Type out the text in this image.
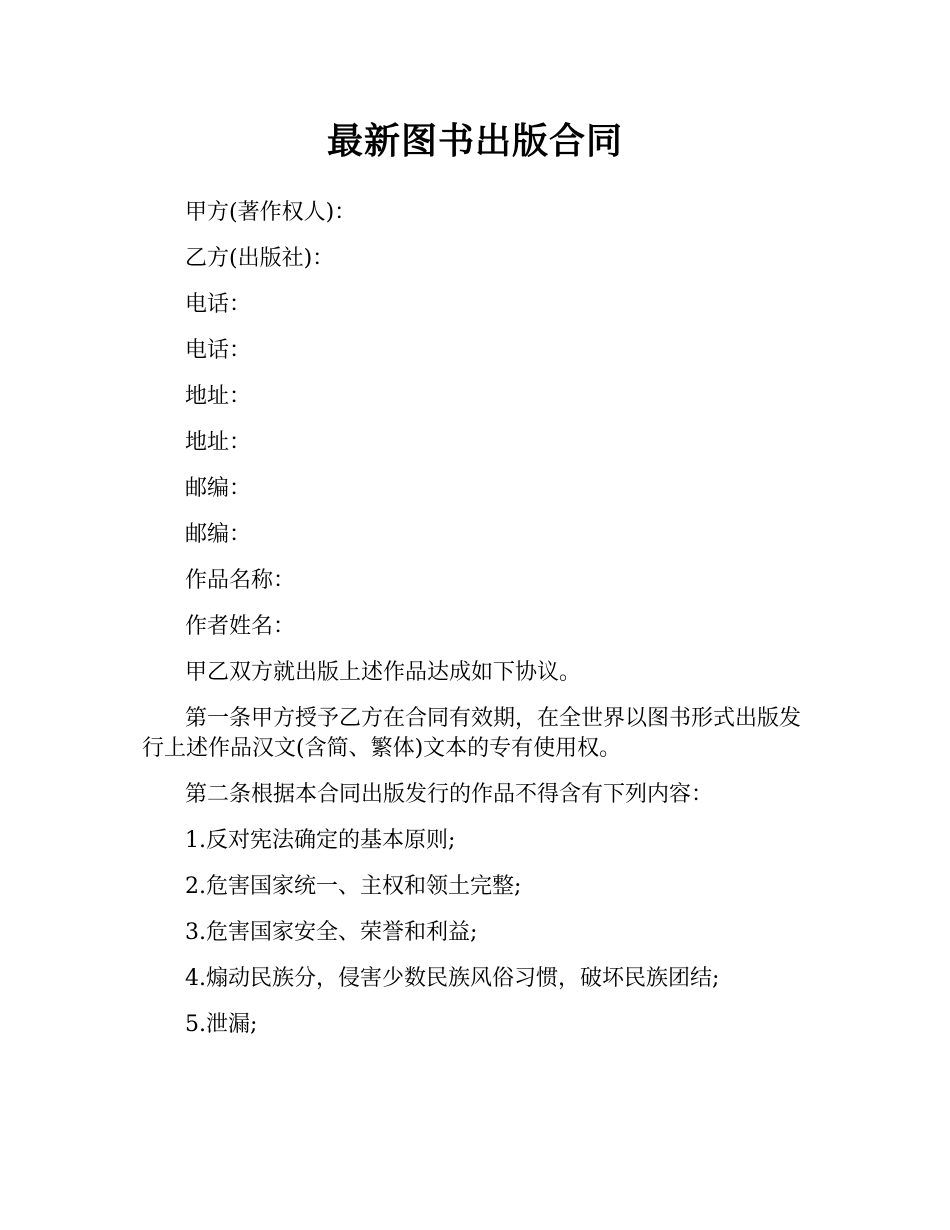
最新图书出版合同

甲方(著作权人)：

乙方(出版社)：

电话：

电话：

地址：

地址：

邮编：

邮编：

作品名称：

作者姓名：

甲乙双方就出版上述作品达成如下协议。

第一条甲方授予乙方在合同有效期，在全世界以图书形式出版发行上述作品汉文(含简、繁体)文本的专有使用权。

第二条根据本合同出版发行的作品不得含有下列内容：

1.反对宪法确定的基本原则;

2.危害国家统一、主权和领土完整;

3.危害国家安全、荣誉和利益;

4.煽动民族分，侵害少数民族风俗习惯，破坏民族团结;

5.泄漏;
